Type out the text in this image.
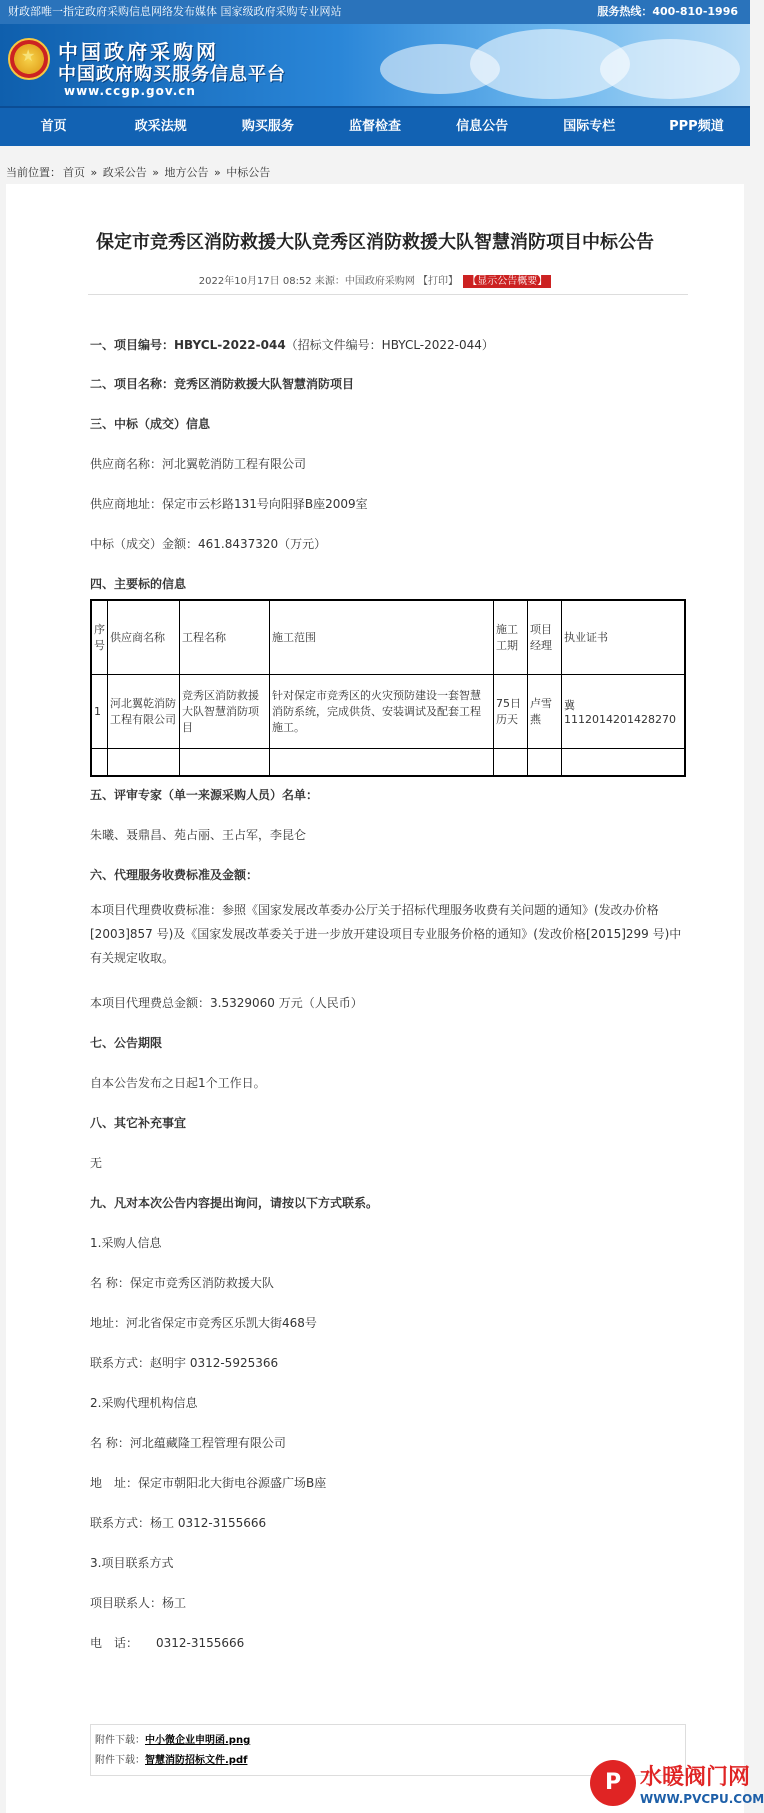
财政部唯一指定政府采购信息网络发布媒体 国家级政府采购专业网站	服务热线：400-810-1996
★
中国政府采购网
中国政府购买服务信息平台
www.ccgp.gov.cn
首页	政采法规	购买服务	监督检查	信息公告	国际专栏	PPP频道
当前位置： 首页 » 政采公告 » 地方公告 » 中标公告
保定市竞秀区消防救援大队竞秀区消防救援大队智慧消防项目中标公告
2022年10月17日 08:52 来源：中国政府采购网 【打印】 【显示公告概要】
一、项目编号：HBYCL-2022-044（招标文件编号：HBYCL-2022-044）
二、项目名称：竞秀区消防救援大队智慧消防项目
三、中标（成交）信息
供应商名称：河北翼乾消防工程有限公司
供应商地址：保定市云杉路131号向阳驿B座2009室
中标（成交）金额：461.8437320（万元）
四、主要标的信息
五、评审专家（单一来源采购人员）名单：
朱曦、聂鼎昌、苑占丽、王占军，李昆仑
六、代理服务收费标准及金额：
本项目代理费收费标准：参照《国家发展改革委办公厅关于招标代理服务收费有关问题的通知》(发改办价格[2003]857 号)及《国家发展改革委关于进一步放开建设项目专业服务价格的通知》(发改价格[2015]299 号)中有关规定收取。
本项目代理费总金额：3.5329060 万元（人民币）
七、公告期限
自本公告发布之日起1个工作日。
八、其它补充事宜
无
九、凡对本次公告内容提出询问，请按以下方式联系。
1.采购人信息
名 称：保定市竞秀区消防救援大队
地址：河北省保定市竞秀区乐凯大街468号
联系方式：赵明宇 0312-5925366
2.采购代理机构信息
名 称：河北蕴藏隆工程管理有限公司
地　址：保定市朝阳北大街电谷源盛广场B座
联系方式：杨工 0312-3155666
3.项目联系方式
项目联系人：杨工
电　话：　　0312-3155666
序号	供应商名称	工程名称	施工范围	施工工期	项目经理	执业证书
1	河北翼乾消防工程有限公司	竞秀区消防救援大队智慧消防项目	针对保定市竞秀区的火灾预防建设一套智慧消防系统，完成供货、安装调试及配套工程施工。	75日历天	卢雪燕	冀1112014201428270

附件下载：中小微企业申明函.png
附件下载：智慧消防招标文件.pdf
P 水暖阀门网
WWW.PVCPU.COM
